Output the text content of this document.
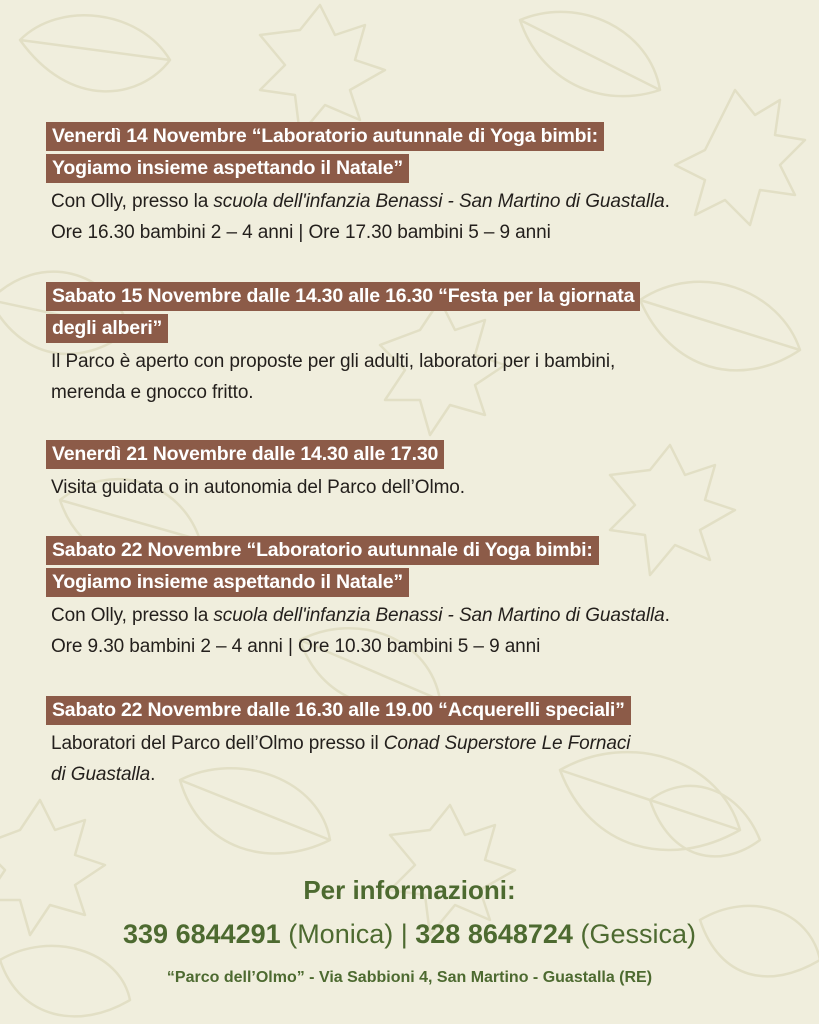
Venerdì 14 Novembre “Laboratorio autunnale di Yoga bimbi:
Yogiamo insieme aspettando il Natale”
Con Olly, presso la scuola dell'infanzia Benassi - San Martino di Guastalla.
Ore 16.30 bambini 2 – 4 anni | Ore 17.30 bambini 5 – 9 anni
Sabato 15 Novembre dalle 14.30 alle 16.30 “Festa per la giornata
degli alberi”
Il Parco è aperto con proposte per gli adulti, laboratori per i bambini,
merenda e gnocco fritto.
Venerdì 21 Novembre dalle 14.30 alle 17.30
Visita guidata o in autonomia del Parco dell’Olmo.
Sabato 22 Novembre “Laboratorio autunnale di Yoga bimbi:
Yogiamo insieme aspettando il Natale”
Con Olly, presso la scuola dell'infanzia Benassi - San Martino di Guastalla.
Ore 9.30 bambini 2 – 4 anni | Ore 10.30 bambini 5 – 9 anni
Sabato 22 Novembre dalle 16.30 alle 19.00 “Acquerelli speciali”
Laboratori del Parco dell’Olmo presso il Conad Superstore Le Fornaci
di Guastalla.
Per informazioni:
339 6844291 (Monica) | 328 8648724 (Gessica)
“Parco dell’Olmo” - Via Sabbioni 4, San Martino - Guastalla (RE)
